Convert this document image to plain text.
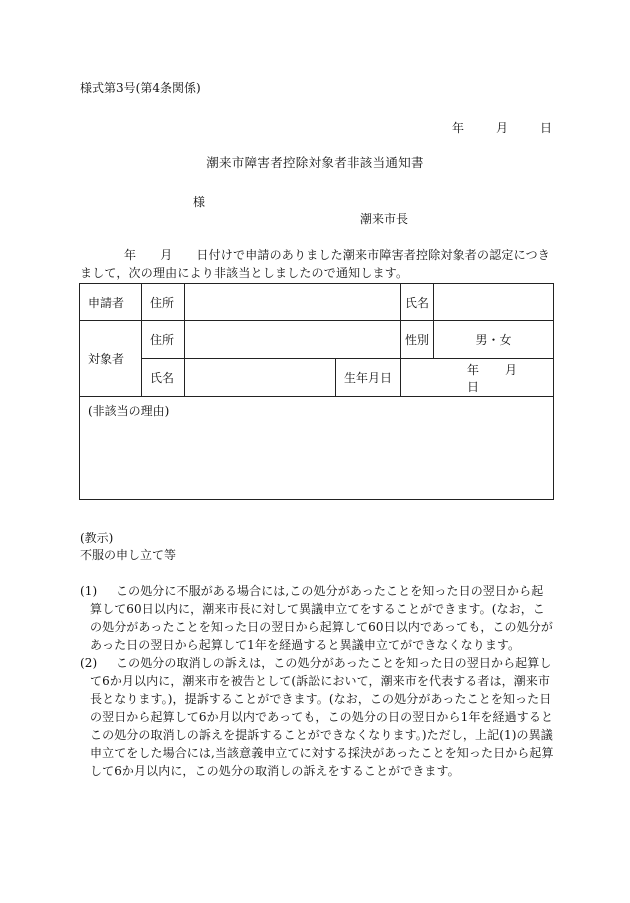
様式第3号(第4条関係)
年	月	日
潮来市障害者控除対象者非該当通知書
様
潮来市長
年 月 日付けで申請のありました潮来市障害者控除対象者の認定につきまして，次の理由により非該当としましたので通知します。
申請者	住所			氏名	
対象者	住所			性別	男・女
	氏名		生年月日	年 月日	
(非該当の理由)					
(教示)
不服の申し立て等
(1)	この処分に不服がある場合には,この処分があったことを知った日の翌日から起算して60日以内に，潮来市長に対して異議申立てをすることができます。(なお，この処分があったことを知った日の翌日から起算して60日以内であっても，この処分があった日の翌日から起算して1年を経過すると異議申立てができなくなります。
(2)	この処分の取消しの訴えは，この処分があったことを知った日の翌日から起算して6か月以内に，潮来市を被告として(訴訟において，潮来市を代表する者は，潮来市長となります。)，提訴することができます。(なお，この処分があったことを知った日の翌日から起算して6か月以内であっても，この処分の日の翌日から1年を経過するとこの処分の取消しの訴えを提訴することができなくなります。)ただし，上記(1)の異議申立てをした場合には,当該意義申立てに対する採決があったことを知った日から起算して6か月以内に，この処分の取消しの訴えをすることができます。
